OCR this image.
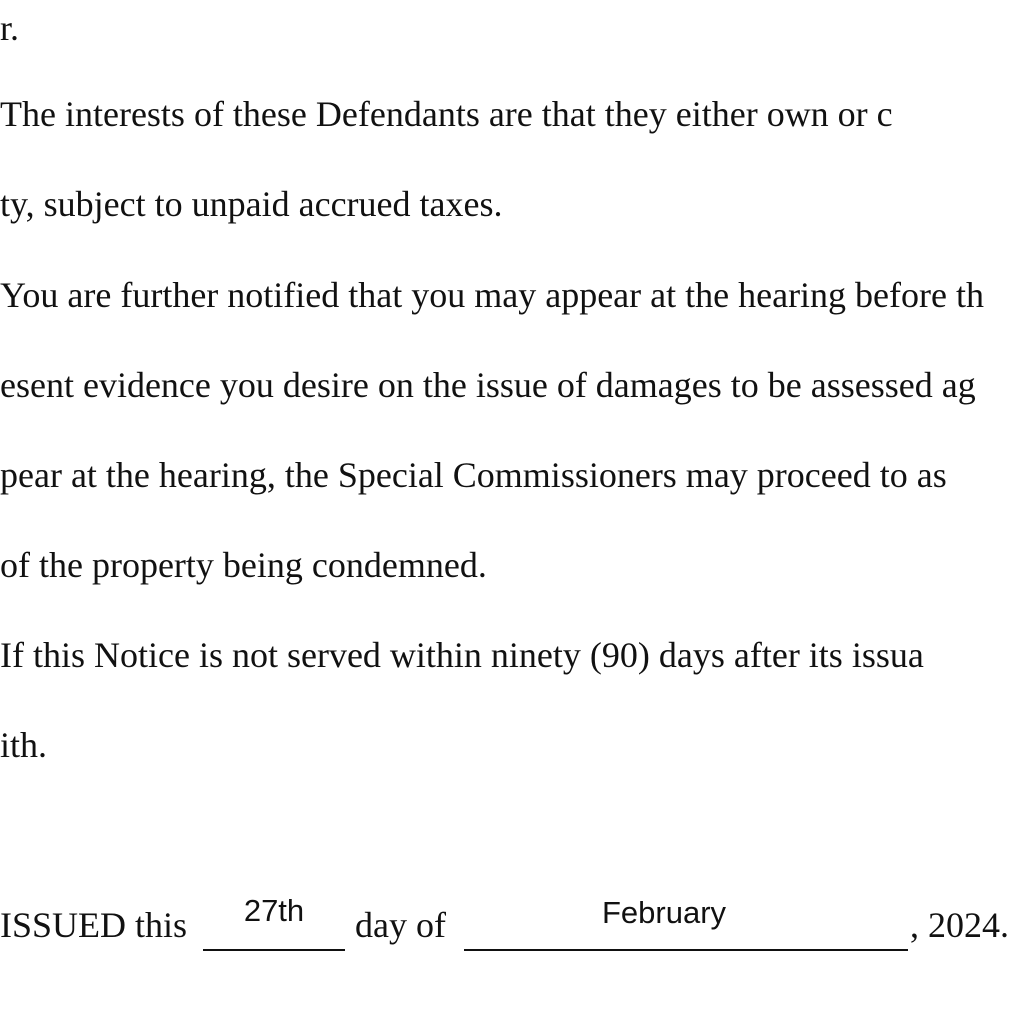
r.
The interests of these Defendants are that they either own or c
ty, subject to unpaid accrued taxes.
You are further notified that you may appear at the hearing before th
esent evidence you desire on the issue of damages to be assessed ag
pear at the hearing, the Special Commissioners may proceed to as
of the property being condemned.
If this Notice is not served within ninety (90) days after its issua
ith.
ISSUED this	27th	day of	February	, 2024.
